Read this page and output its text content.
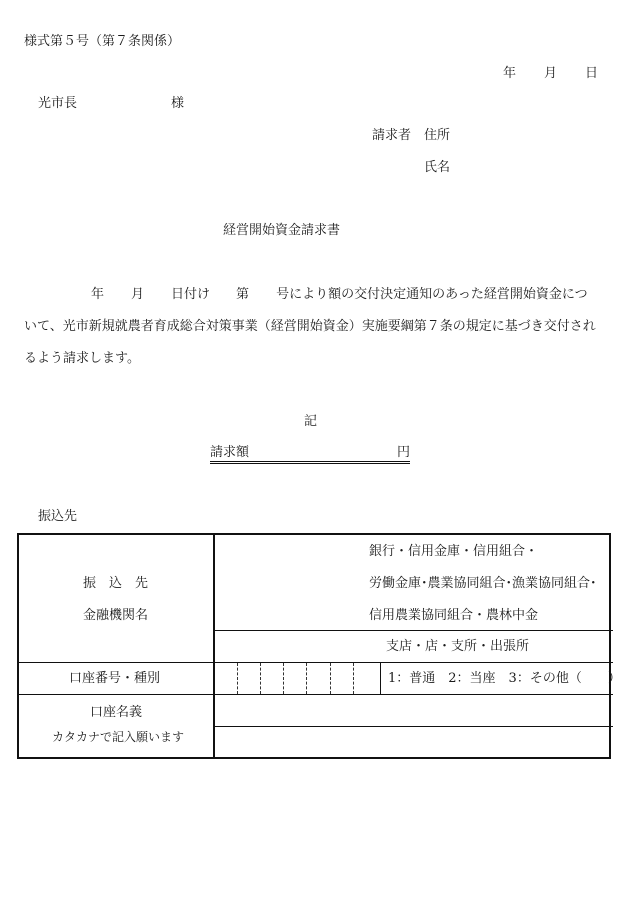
様式第５号（第７条関係）
年 月 日
光市長	様
請求者 住所
氏名
経営開始資金請求書
年 月 日付け 第 号により額の交付決定通知のあった経営開始資金につ
いて、光市新規就農者育成総合対策事業（経営開始資金）実施要綱第７条の規定に基づき交付され
るよう請求します。
記
請求額	円
振込先
振　込　先
金融機関名
銀行・信用金庫・信用組合・
労働金庫･農業協同組合･漁業協同組合･
信用農業協同組合・農林中金
支店・店・支所・出張所
口座番号・種別	1：普通　2：当座　3：その他（　　）
口座名義
カタカナで記入願います
